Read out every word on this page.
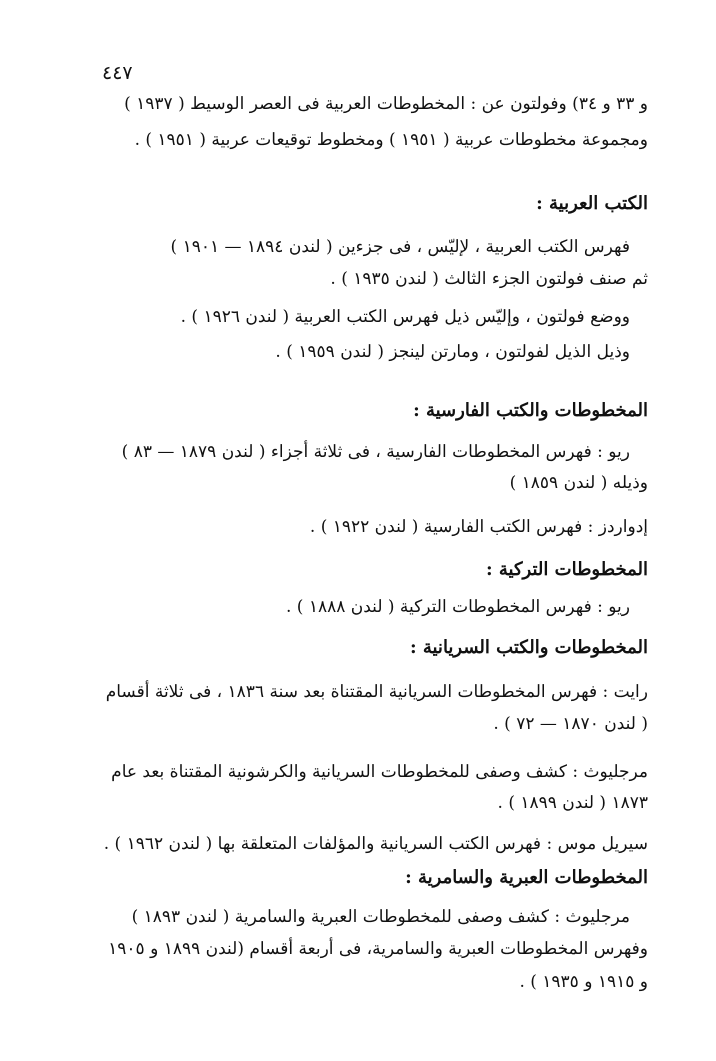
٤٤٧
و ٣٣ و ٣٤) وفولتون عن : المخطوطات العربية فى العصر الوسيط ( ١٩٣٧ )
ومجموعة مخطوطات عربية ( ١٩٥١ ) ومخطوط توقيعات عربية ( ١٩٥١ ) .
الكتب العربية :
فهرس الكتب العربية ، لإليّس ، فى جزءين ( لندن ١٨٩٤ — ١٩٠١ )
ثم صنف فولتون الجزء الثالث ( لندن ١٩٣٥ ) .
ووضع فولتون ، وإليّس ذيل فهرس الكتب العربية ( لندن ١٩٢٦ ) .
وذيل الذيل لفولتون ، ومارتن لينجز ( لندن ١٩٥٩ ) .
المخطوطات والكتب الفارسية :
ريو : فهرس المخطوطات الفارسية ، فى ثلاثة أجزاء ( لندن ١٨٧٩ — ٨٣ )
وذيله ( لندن ١٨٥٩ )
إدواردز : فهرس الكتب الفارسية ( لندن ١٩٢٢ ) .
المخطوطات التركية :
ريو : فهرس المخطوطات التركية ( لندن ١٨٨٨ ) .
المخطوطات والكتب السريانية :
رايت : فهرس المخطوطات السريانية المقتناة بعد سنة ١٨٣٦ ، فى ثلاثة أقسام
( لندن ١٨٧٠ — ٧٢ ) .
مرجليوث : كشف وصفى للمخطوطات السريانية والكرشونية المقتناة بعد عام
١٨٧٣ ( لندن ١٨٩٩ ) .
سيريل موس : فهرس الكتب السريانية والمؤلفات المتعلقة بها ( لندن ١٩٦٢ ) .
المخطوطات العبرية والسامرية :
مرجليوث : كشف وصفى للمخطوطات العبرية والسامرية ( لندن ١٨٩٣ )
وفهرس المخطوطات العبرية والسامرية، فى أربعة أقسام (لندن ١٨٩٩ و ١٩٠٥
و ١٩١٥ و ١٩٣٥ ) .
